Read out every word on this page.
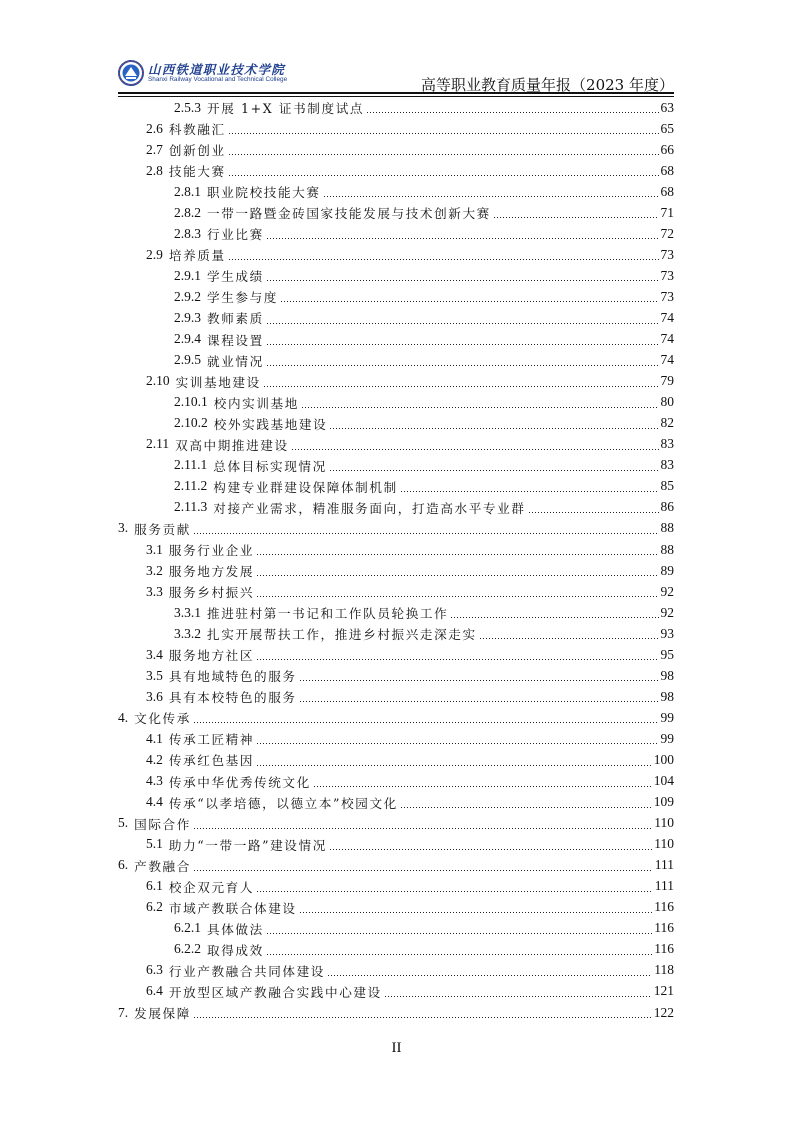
山西铁道职业技术学院
Shanxi Railway Vocational and Technical College	高等职业教育质量年报（2023 年度）
2.5.3 开展 1+X 证书制度试点	63
2.6 科教融汇	65
2.7 创新创业	66
2.8 技能大赛	68
2.8.1 职业院校技能大赛	68
2.8.2 一带一路暨金砖国家技能发展与技术创新大赛	71
2.8.3 行业比赛	72
2.9 培养质量	73
2.9.1 学生成绩	73
2.9.2 学生参与度	73
2.9.3 教师素质	74
2.9.4 课程设置	74
2.9.5 就业情况	74
2.10 实训基地建设	79
2.10.1 校内实训基地	80
2.10.2 校外实践基地建设	82
2.11 双高中期推进建设	83
2.11.1 总体目标实现情况	83
2.11.2 构建专业群建设保障体制机制	85
2.11.3 对接产业需求，精准服务面向，打造高水平专业群	86
3. 服务贡献	88
3.1 服务行业企业	88
3.2 服务地方发展	89
3.3 服务乡村振兴	92
3.3.1 推进驻村第一书记和工作队员轮换工作	92
3.3.2 扎实开展帮扶工作，推进乡村振兴走深走实	93
3.4 服务地方社区	95
3.5 具有地域特色的服务	98
3.6 具有本校特色的服务	98
4. 文化传承	99
4.1 传承工匠精神	99
4.2 传承红色基因	100
4.3 传承中华优秀传统文化	104
4.4 传承“以孝培德，以德立本”校园文化	109
5. 国际合作	110
5.1 助力“一带一路”建设情况	110
6. 产教融合	111
6.1 校企双元育人	111
6.2 市域产教联合体建设	116
6.2.1 具体做法	116
6.2.2 取得成效	116
6.3 行业产教融合共同体建设	118
6.4 开放型区域产教融合实践中心建设	121
7. 发展保障	122
II
